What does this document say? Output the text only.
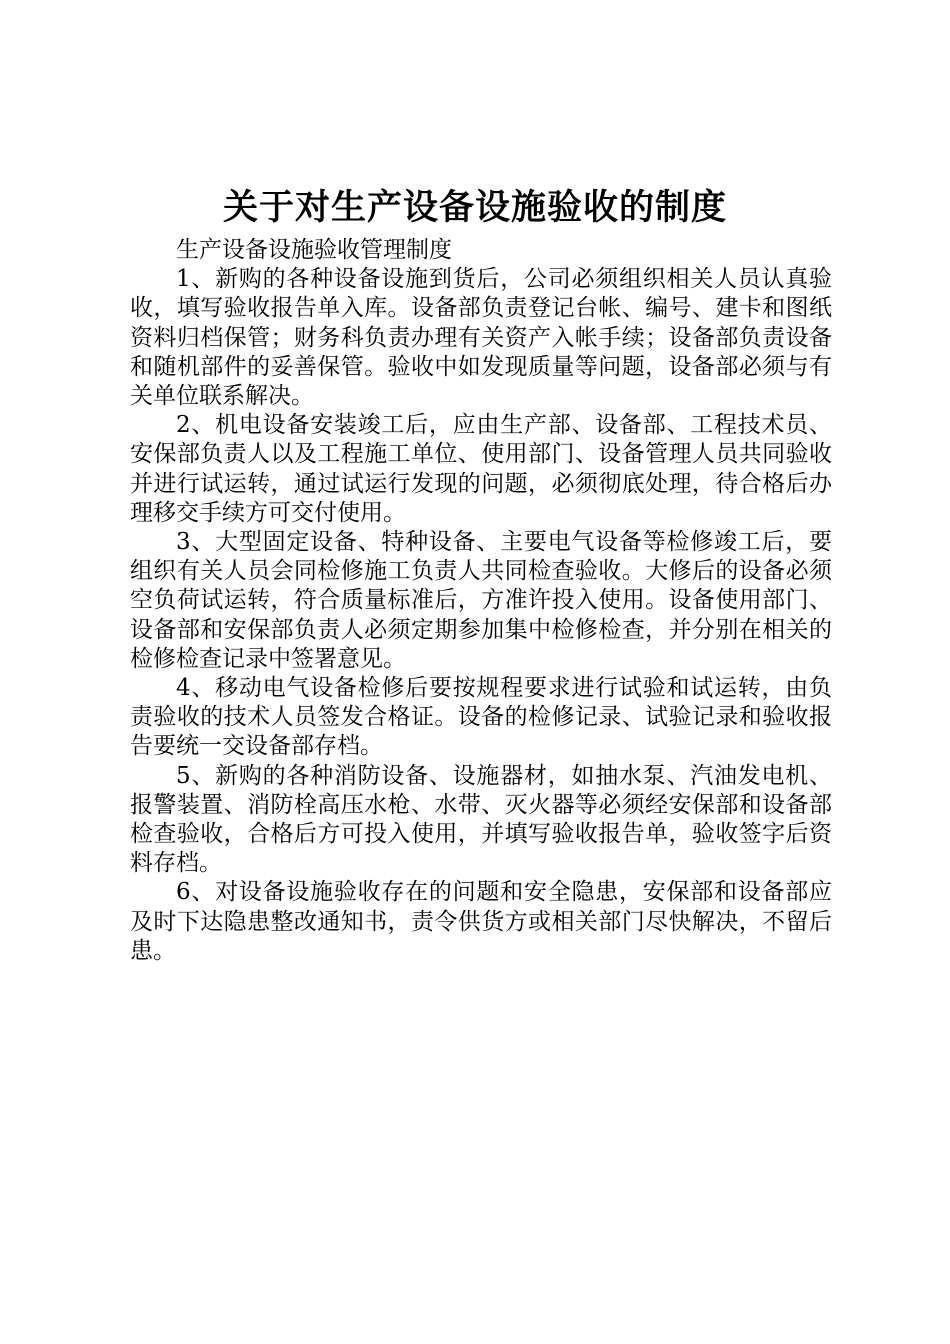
关于对生产设备设施验收的制度

生产设备设施验收管理制度

1、新购的各种设备设施到货后，公司必须组织相关人员认真验收，填写验收报告单入库。设备部负责登记台帐、编号、建卡和图纸资料归档保管；财务科负责办理有关资产入帐手续；设备部负责设备和随机部件的妥善保管。验收中如发现质量等问题，设备部必须与有关单位联系解决。

2、机电设备安装竣工后，应由生产部、设备部、工程技术员、安保部负责人以及工程施工单位、使用部门、设备管理人员共同验收并进行试运转，通过试运行发现的问题，必须彻底处理，待合格后办理移交手续方可交付使用。

3、大型固定设备、特种设备、主要电气设备等检修竣工后，要组织有关人员会同检修施工负责人共同检查验收。大修后的设备必须空负荷试运转，符合质量标准后，方准许投入使用。设备使用部门、设备部和安保部负责人必须定期参加集中检修检查，并分别在相关的检修检查记录中签署意见。

4、移动电气设备检修后要按规程要求进行试验和试运转，由负责验收的技术人员签发合格证。设备的检修记录、试验记录和验收报告要统一交设备部存档。

5、新购的各种消防设备、设施器材，如抽水泵、汽油发电机、报警装置、消防栓高压水枪、水带、灭火器等必须经安保部和设备部检查验收，合格后方可投入使用，并填写验收报告单，验收签字后资料存档。

6、对设备设施验收存在的问题和安全隐患，安保部和设备部应及时下达隐患整改通知书，责令供货方或相关部门尽快解决，不留后患。
